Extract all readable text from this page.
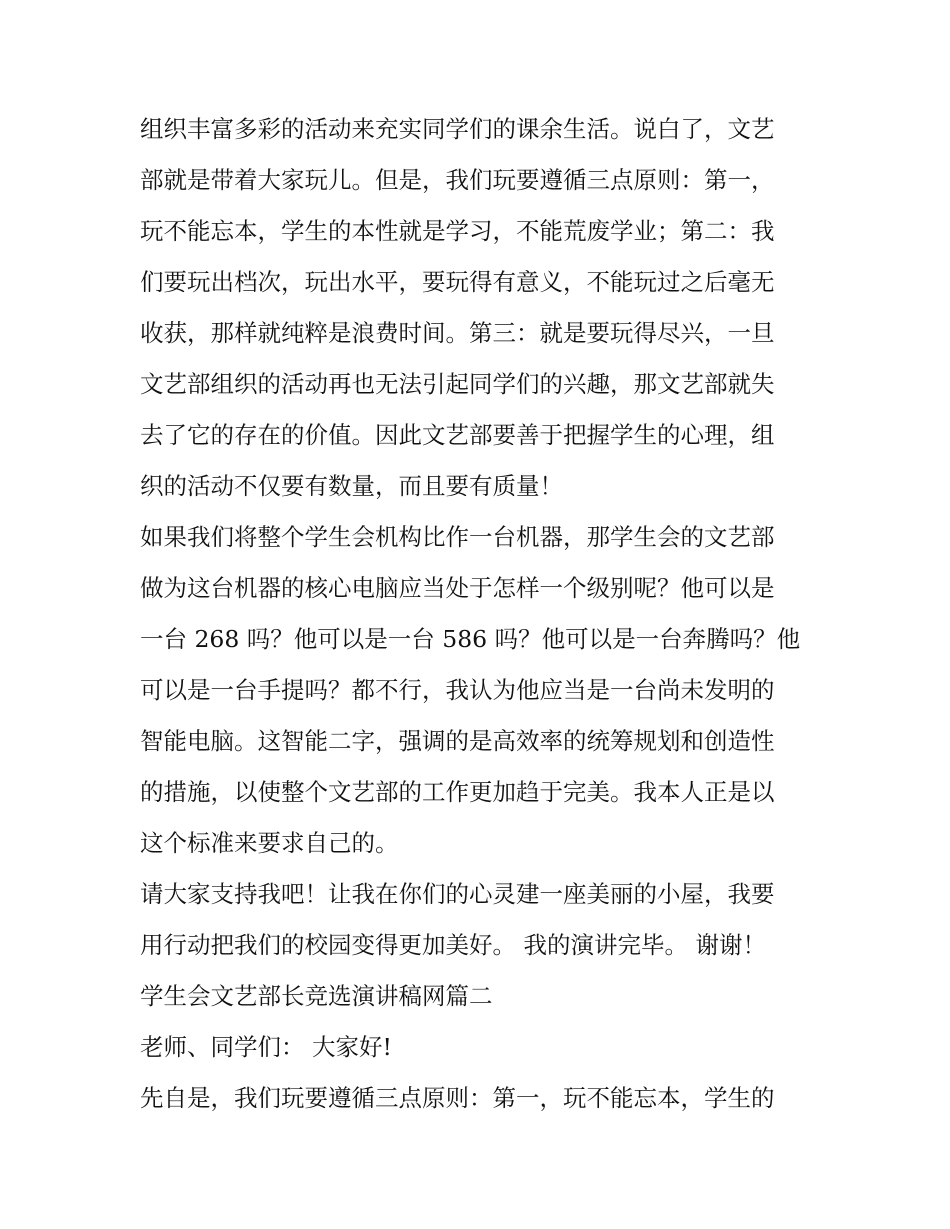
组织丰富多彩的活动来充实同学们的课余生活。说白了，文艺
部就是带着大家玩儿。但是，我们玩要遵循三点原则：第一，
玩不能忘本，学生的本性就是学习，不能荒废学业；第二：我
们要玩出档次，玩出水平，要玩得有意义，不能玩过之后毫无
收获，那样就纯粹是浪费时间。第三：就是要玩得尽兴，一旦
文艺部组织的活动再也无法引起同学们的兴趣，那文艺部就失
去了它的存在的价值。因此文艺部要善于把握学生的心理，组
织的活动不仅要有数量，而且要有质量！
如果我们将整个学生会机构比作一台机器，那学生会的文艺部
做为这台机器的核心电脑应当处于怎样一个级别呢？他可以是
一台 268 吗？他可以是一台 586 吗？他可以是一台奔腾吗？他
可以是一台手提吗？都不行，我认为他应当是一台尚未发明的
智能电脑。这智能二字，强调的是高效率的统筹规划和创造性
的措施，以使整个文艺部的工作更加趋于完美。我本人正是以
这个标准来要求自己的。
请大家支持我吧！让我在你们的心灵建一座美丽的小屋，我要
用行动把我们的校园变得更加美好。 我的演讲完毕。 谢谢！
学生会文艺部长竞选演讲稿网篇二
老师、同学们： 大家好!
先自是，我们玩要遵循三点原则：第一，玩不能忘本，学生的
